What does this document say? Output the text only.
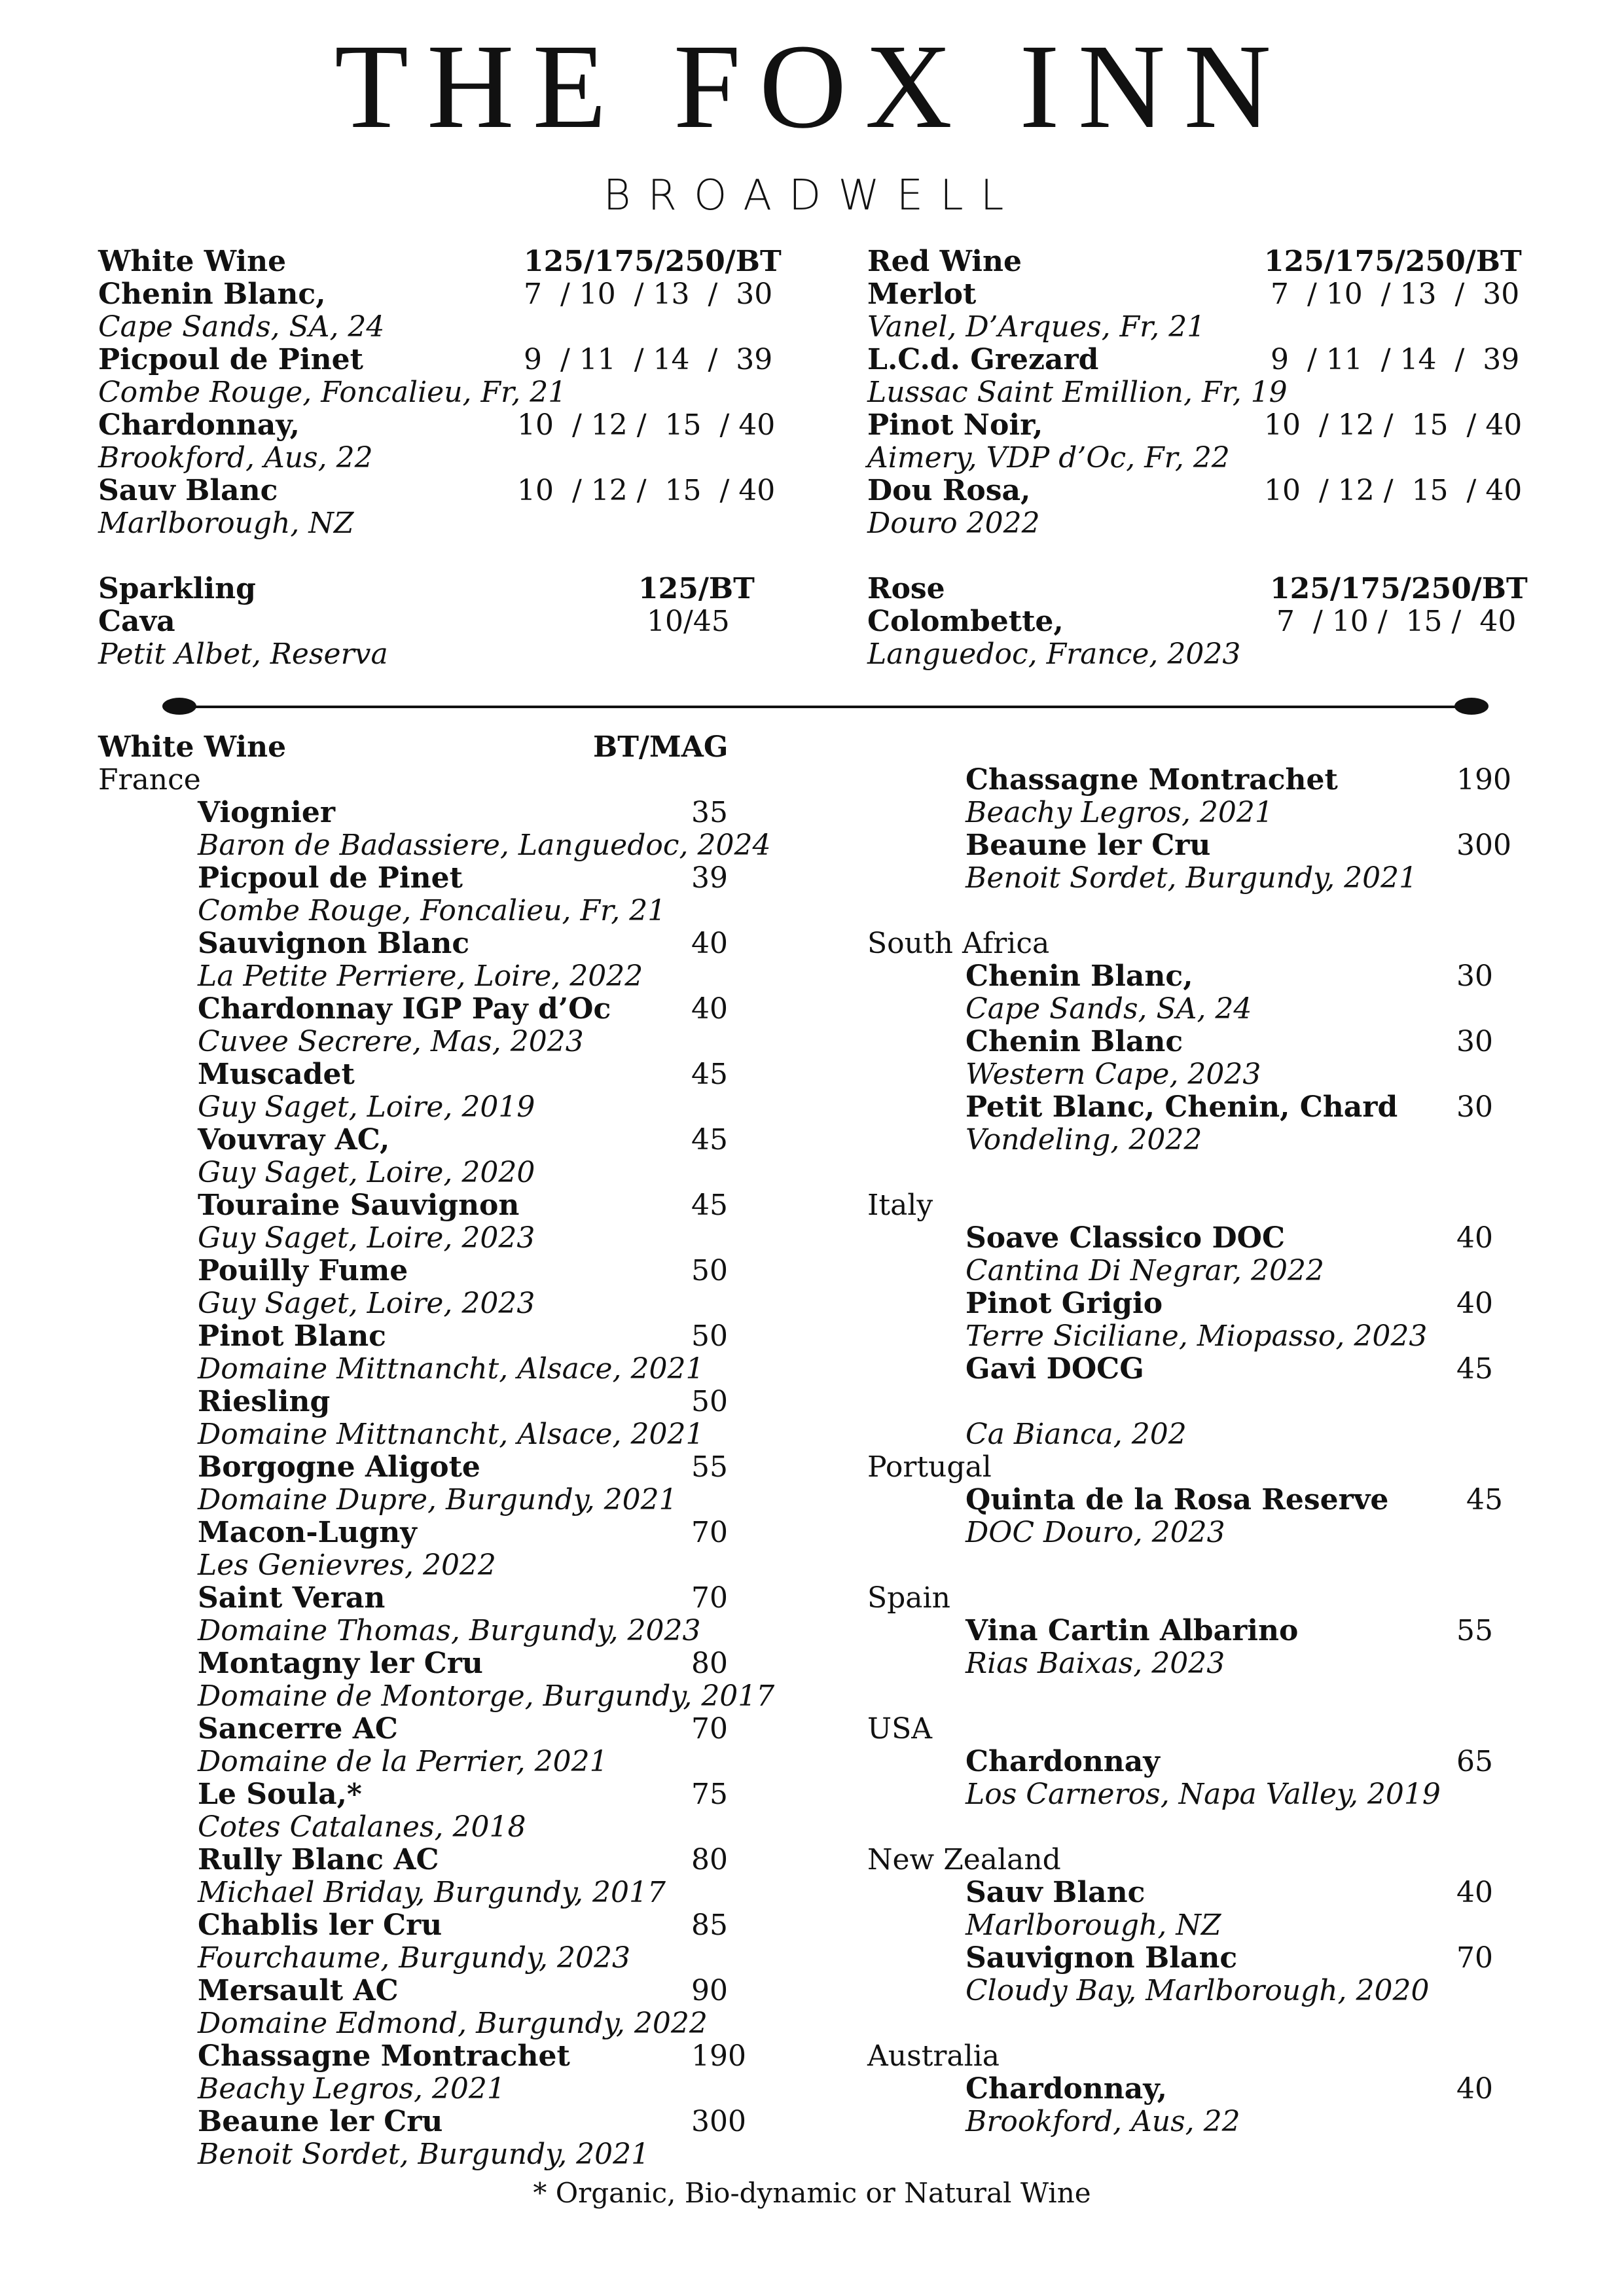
THE FOX INN
BROADWELL
White Wine	125/175/250/BT
Chenin Blanc,	7  / 10  / 13  /  30
Cape Sands, SA, 24
Picpoul de Pinet	9  / 11  / 14  /  39
Combe Rouge, Foncalieu, Fr, 21
Chardonnay,	10  / 12 /  15  / 40
Brookford, Aus, 22
Sauv Blanc	10  / 12 /  15  / 40
Marlborough, NZ
Sparkling	125/BT
Cava	10/45
Petit Albet, Reserva
Red Wine	125/175/250/BT
Merlot	7  / 10  / 13  /  30
Vanel, D’Arques, Fr, 21
L.C.d. Grezard	9  / 11  / 14  /  39
Lussac Saint Emillion, Fr, 19
Pinot Noir,	10  / 12 /  15  / 40
Aimery, VDP d’Oc, Fr, 22
Dou Rosa,	10  / 12 /  15  / 40
Douro 2022
Rose	125/175/250/BT
Colombette,	7  / 10 /  15 /  40
Languedoc, France, 2023
White Wine	BT/MAG
France
Viognier	35
Baron de Badassiere, Languedoc, 2024
Picpoul de Pinet	39
Combe Rouge, Foncalieu, Fr, 21
Sauvignon Blanc	40
La Petite Perriere, Loire, 2022
Chardonnay IGP Pay d’Oc	40
Cuvee Secrere, Mas, 2023
Muscadet	45
Guy Saget, Loire, 2019
Vouvray AC,	45
Guy Saget, Loire, 2020
Touraine Sauvignon	45
Guy Saget, Loire, 2023
Pouilly Fume	50
Guy Saget, Loire, 2023
Pinot Blanc	50
Domaine Mittnancht, Alsace, 2021
Riesling	50
Domaine Mittnancht, Alsace, 2021
Borgogne Aligote	55
Domaine Dupre, Burgundy, 2021
Macon-Lugny	70
Les Genievres, 2022
Saint Veran	70
Domaine Thomas, Burgundy, 2023
Montagny ler Cru	80
Domaine de Montorge, Burgundy, 2017
Sancerre AC	70
Domaine de la Perrier, 2021
Le Soula,*	75
Cotes Catalanes, 2018
Rully Blanc AC	80
Michael Briday, Burgundy, 2017
Chablis ler Cru	85
Fourchaume, Burgundy, 2023
Mersault AC	90
Domaine Edmond, Burgundy, 2022
Chassagne Montrachet	190
Beachy Legros, 2021
Beaune ler Cru	300
Benoit Sordet, Burgundy, 2021
Chassagne Montrachet	190
Beachy Legros, 2021
Beaune ler Cru	300
Benoit Sordet, Burgundy, 2021
South Africa
Chenin Blanc,	30
Cape Sands, SA, 24
Chenin Blanc	30
Western Cape, 2023
Petit Blanc, Chenin, Chard 30
Vondeling, 2022
Italy
Soave Classico DOC	40
Cantina Di Negrar, 2022
Pinot Grigio	40
Terre Siciliane, Miopasso, 2023
Gavi DOCG	45
Ca Bianca, 202
Portugal
Quinta de la Rosa Reserve	45
DOC Douro, 2023
Spain
Vina Cartin Albarino	55
Rias Baixas, 2023
USA
Chardonnay	65
Los Carneros, Napa Valley, 2019
New Zealand
Sauv Blanc	40
Marlborough, NZ
Sauvignon Blanc	70
Cloudy Bay, Marlborough, 2020
Australia
Chardonnay,	40
Brookford, Aus, 22
* Organic, Bio-dynamic or Natural Wine
